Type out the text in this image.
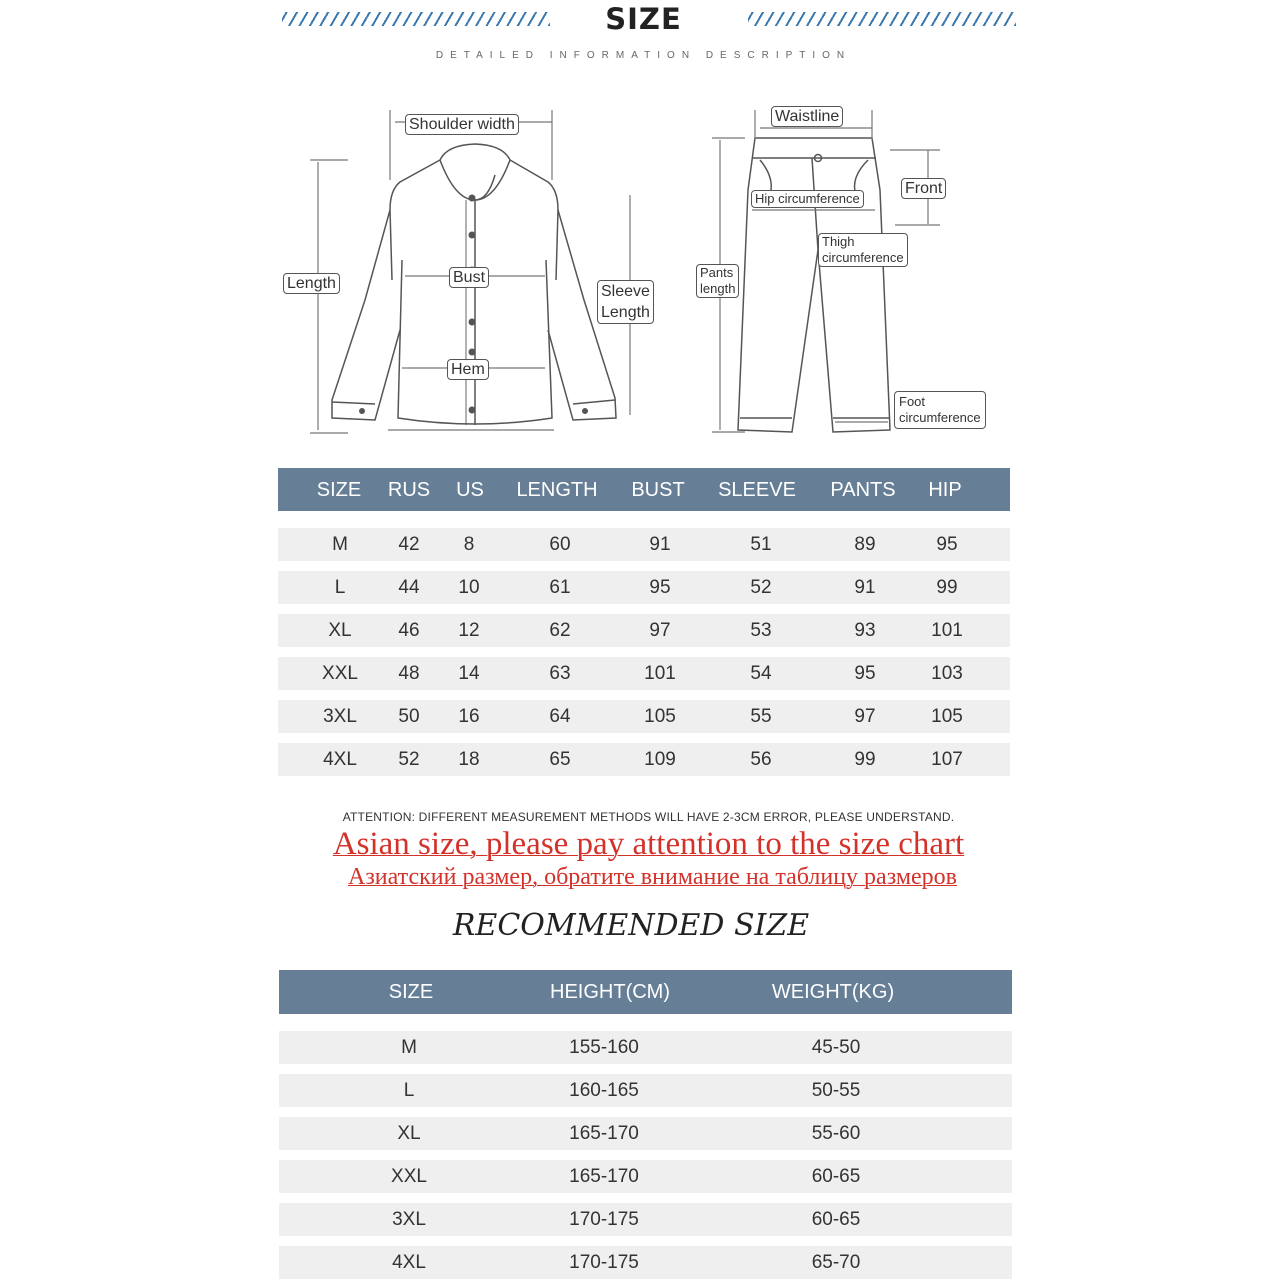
SIZE
DETAILED INFORMATION DESCRIPTION
Shoulder width
Length	Bust
Sleeve
Length
Hem
Waistline
Front
Hip circumference
Thigh
circumference
Pants
length
Foot
circumference
SIZE RUS US LENGTH BUST SLEEVE PANTS HIP
M	42 8	60	91	51	89	95
L	44 10	61	95	52	91	99
XL 46 12	62	97	53	93	101
XXL 48 14	63	101	54	95	103
3XL 50 16	64	105	55	97	105
4XL 52 18	65	109	56	99	107
ATTENTION: DIFFERENT MEASUREMENT METHODS WILL HAVE 2-3CM ERROR, PLEASE UNDERSTAND.
Asian size, please pay attention to the size chart
Азиатский размер, обратите внимание на таблицу размеров
RECOMMENDED SIZE
SIZE	HEIGHT(CM)	WEIGHT(KG)
M	155-160	45-50
L	160-165	50-55
XL	165-170	55-60
XXL	165-170	60-65
3XL	170-175	60-65
4XL	170-175	65-70
